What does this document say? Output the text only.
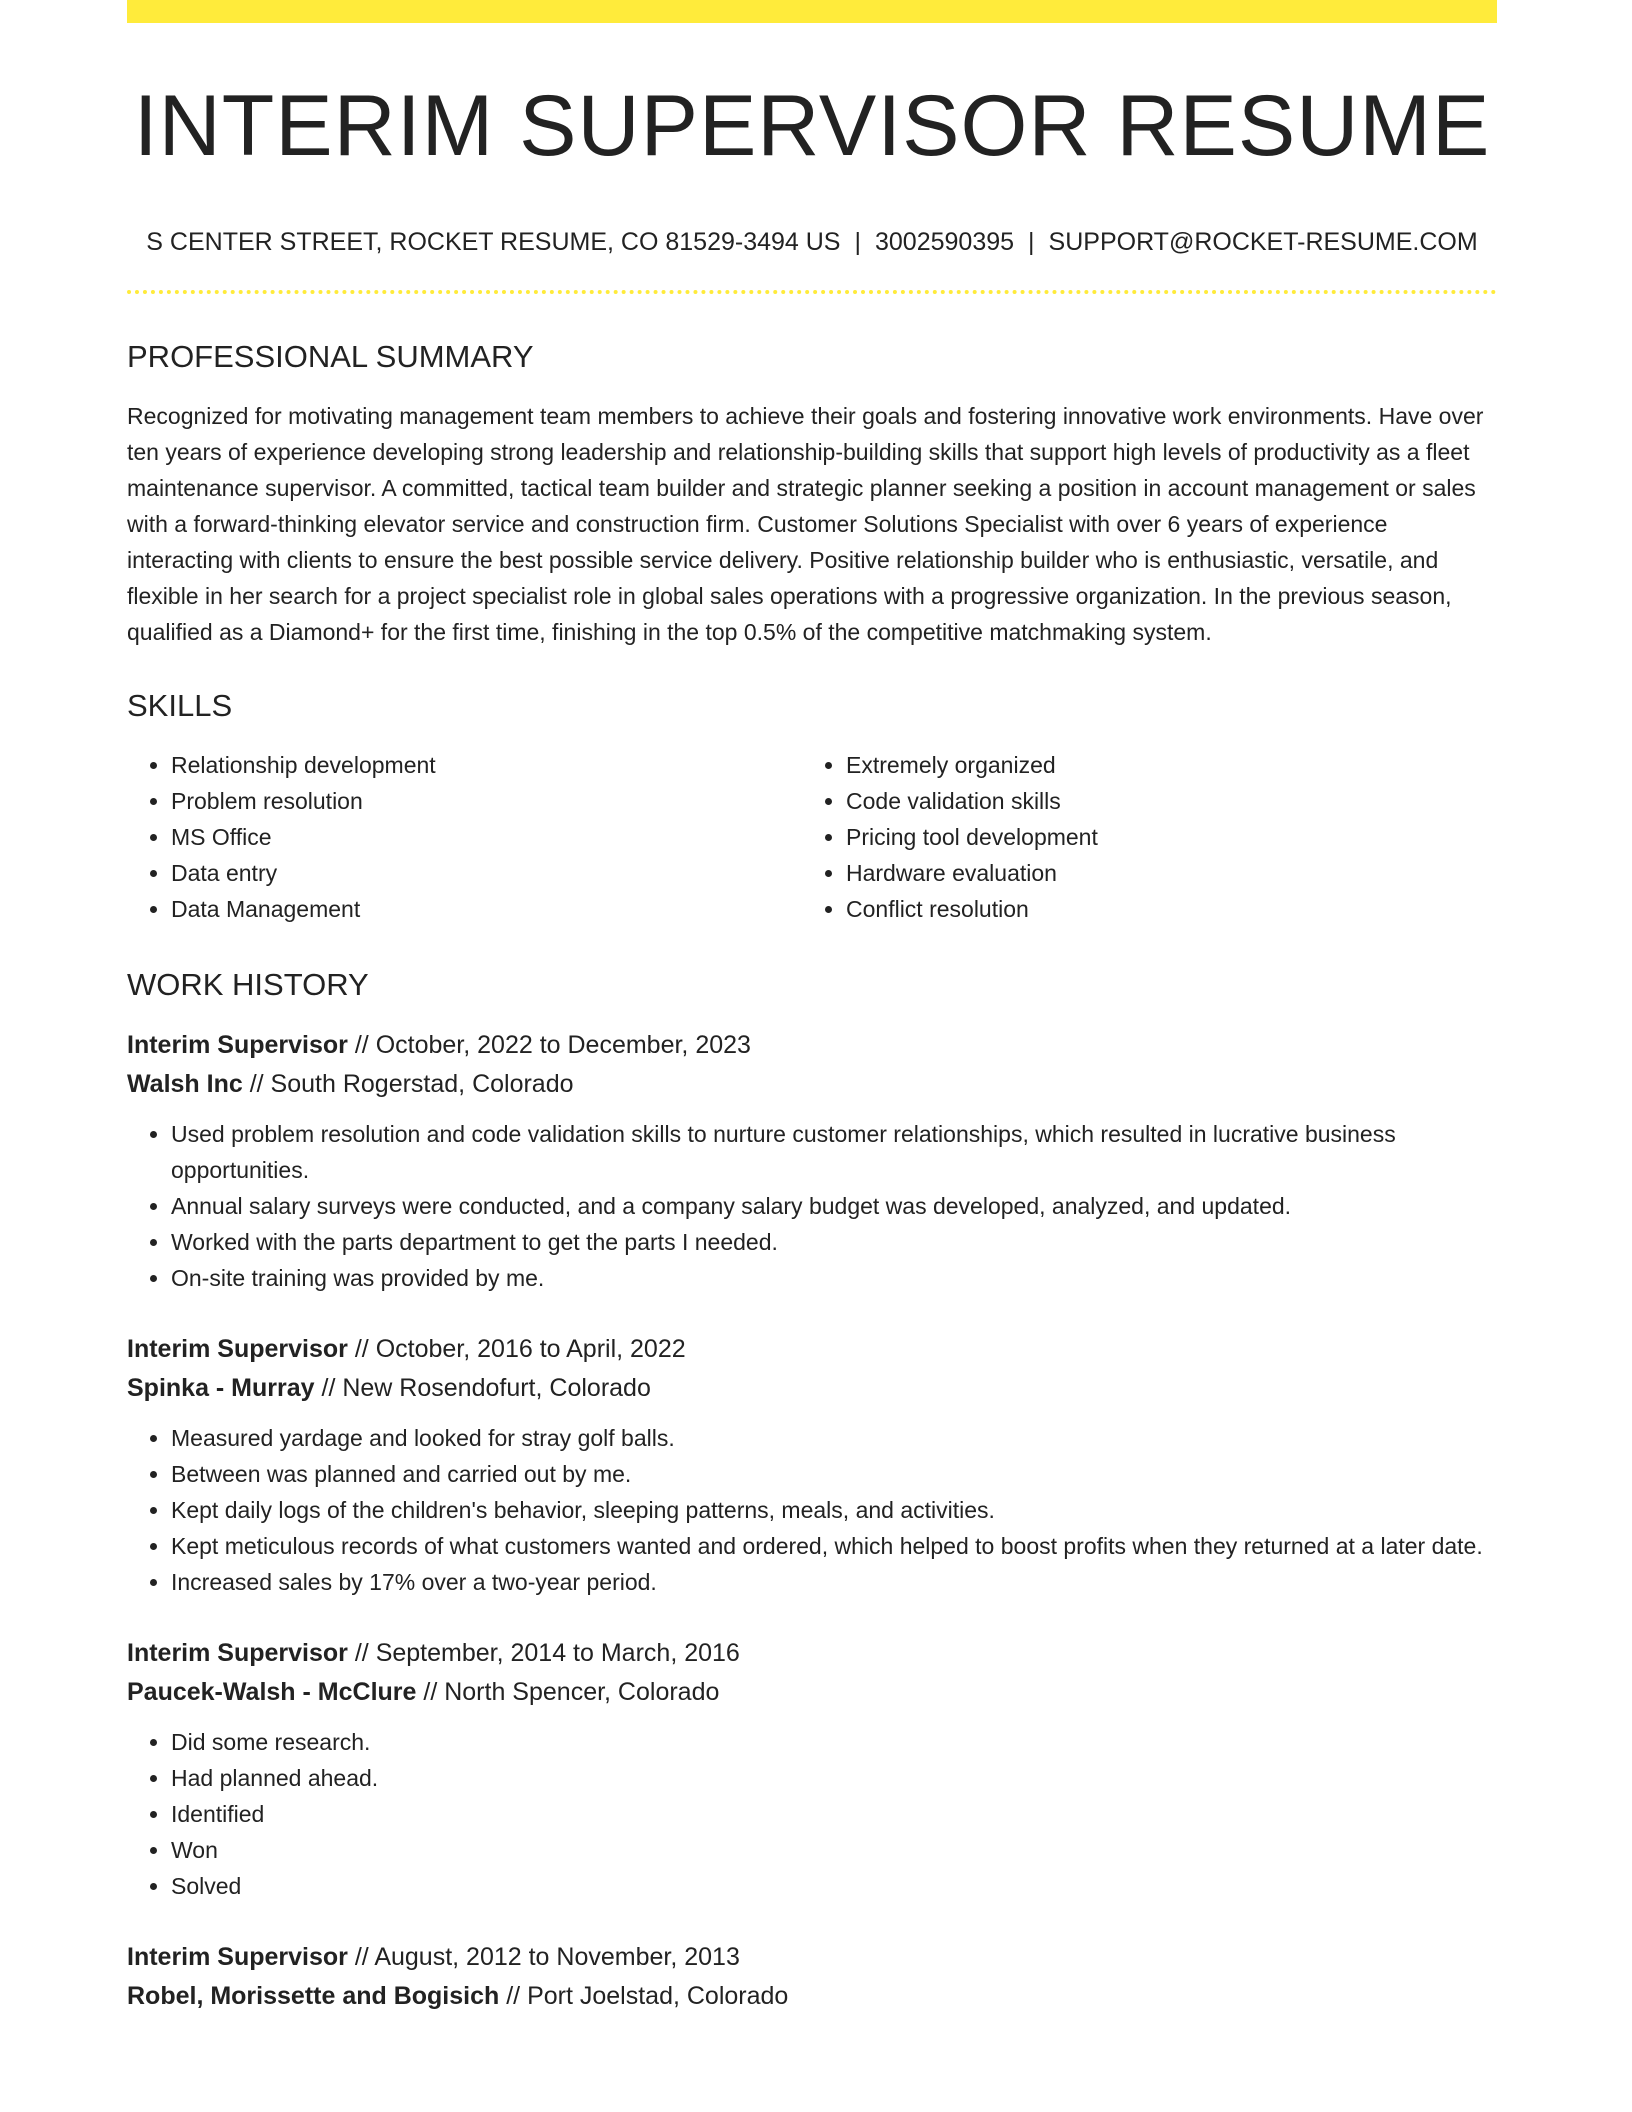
INTERIM SUPERVISOR RESUME
S CENTER STREET, ROCKET RESUME, CO 81529-3494 US | 3002590395 | SUPPORT@ROCKET-RESUME.COM
PROFESSIONAL SUMMARY

Recognized for motivating management team members to achieve their goals and fostering innovative work environments. Have over ten years of experience developing strong leadership and relationship-building skills that support high levels of productivity as a fleet maintenance supervisor. A committed, tactical team builder and strategic planner seeking a position in account management or sales with a forward-thinking elevator service and construction firm. Customer Solutions Specialist with over 6 years of experience interacting with clients to ensure the best possible service delivery. Positive relationship builder who is enthusiastic, versatile, and flexible in her search for a project specialist role in global sales operations with a progressive organization. In the previous season, qualified as a Diamond+ for the first time, finishing in the top 0.5% of the competitive matchmaking system.

SKILLS
• Relationship development
• Problem resolution
• MS Office
• Data entry
• Data Management
• Extremely organized
• Code validation skills
• Pricing tool development
• Hardware evaluation
• Conflict resolution
WORK HISTORY
Interim Supervisor // October, 2022 to December, 2023
Walsh Inc // South Rogerstad, Colorado
• Used problem resolution and code validation skills to nurture customer relationships, which resulted in lucrative business opportunities.
• Annual salary surveys were conducted, and a company salary budget was developed, analyzed, and updated.
• Worked with the parts department to get the parts I needed.
• On-site training was provided by me.
Interim Supervisor // October, 2016 to April, 2022
Spinka - Murray // New Rosendofurt, Colorado
• Measured yardage and looked for stray golf balls.
• Between was planned and carried out by me.
• Kept daily logs of the children's behavior, sleeping patterns, meals, and activities.
• Kept meticulous records of what customers wanted and ordered, which helped to boost profits when they returned at a later date.
• Increased sales by 17% over a two-year period.
Interim Supervisor // September, 2014 to March, 2016
Paucek-Walsh - McClure // North Spencer, Colorado
• Did some research.
• Had planned ahead.
• Identified
• Won
• Solved
Interim Supervisor // August, 2012 to November, 2013
Robel, Morissette and Bogisich // Port Joelstad, Colorado
